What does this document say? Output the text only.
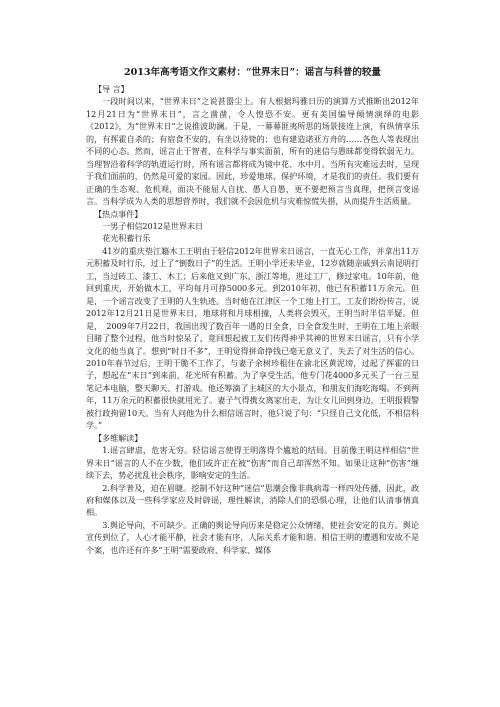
2013年高考语文作文素材：“世界末日”：谣言与科普的较量
【导 言】

一段时间以来，“世界末日”之说甚嚣尘上。有人根据玛雅日历的演算方式推断出2012年12月21日为“世界末日”，言之凿凿，令人惶恐不安。更有美国编导倾情演绎的电影《2012》，为“世界末日”之说推波助澜。于是，一幕幕匪夷所思的场景接连上演，有纵情享乐的，有挥霍自杀的；有宿食不安的，有坐以待毙的；也有建造诺亚方舟的……各色人等表现出不同的心态。然而，谣言止于智者，在科学与事实面前，所有的迷信与愚昧都变得软弱无力。当理智沿着科学的轨道运行时，所有谣言都将成为镜中花、水中月。当所有灾难远去时，呈现于我们面前的，仍然是可爱的家园。因此，珍爱地球，保护环境，才是我们的责任。我们要有正确的生态观、危机观，面决不能屈人自扰、愚人自愚，更不要把预言当真理，把预言变谣言。当科学成为人类的思想营养时，我们就不会因危机与灾难惊慌失措，从而提升生活质量。

【热点事件】
一男子相信2012是世界末日
花光积蓄行乐

41岁的重庆垫江籍木工王明由于轻信2012年世界末日谣言，一直无心工作，并拿出11万元积蓄及时行乐，过上了“倒数日子”的生活。王明小学还未毕业，12岁就随亲戚到云南昆明打工，当过砖工、漆工、木工；后来他又到广东、浙江等地，进过工厂，修过家电。10年前，他回到重庆，开始做木工，平均每月可挣5000多元。到2010年初，他已有积蓄11万余元。但是，一个谣言改变了王明的人生轨迹。当时他在江津区一个工地上打工，工友们纷纷传言，说2012年12月21日是世界末日，地球将和月球相撞，人类将会毁灭，王明当时半信半疑。但是，　2009年7月22日，我国出现了数百年一遇的日全食，日全食发生时，王明在工地上亲眼目睹了整个过程，他当时惊呆了，竟回想起被工友们传得神乎其神的世界末日谣言，只有小学文化的他当真了。想到“时日不多”，王明觉得拼命挣钱已毫无意义了，失去了对生活的信心。2010年春节过后，王明干脆不工作了，与妻子余树珍租住在渝北区黄泥塝，过起了挥霍的日子，想起在“末日”到来前，花光所有积蓄。为了享受生活，他专门花4000多元买了一台三星笔记本电脑，整天聊天、打游戏。他还筹滴了主城区的大小景点，和朋友们海吃海喝。不到两年，11万余元的积蓄很快就用光了。妻子气得携女离家出走，为让女儿回到身边，王明报假警被行政拘留10天。当有人问他为什么相信谣言时，他只说了句：“只怪自己文化低，不相信科学。”

【多维解读】

1.谣言肆虐，危害无穷。轻信谣言使得王明落得个尴尬的结局。目前像王明这样相信“世界末日”谣言的人不在少数，他们或许正在被“伤害”而自己却浑然不知。如果让这种“伤害”继续下去，势必扰乱社会秩序，影响安定的生活。

2.科学普及，迫在眉睫。挖制不好这种“迷信”思潮会像非典病毒一样四处传播，因此，政府和媒体以及一些科学家应及时辟谣，理性解读，消除人们的恐惧心理，让他们认清事情真相。

3.舆论导向，不可缺少。正确的舆论导向历来是稳定公众情绪，使社会安定的良方。舆论宣传到位了，人心才能平静，社会才能有序，人际关系才能和谐。相信王明的遭遇和安故不是个案，也许还有许多“王明”需要政府、科学家、媒体
